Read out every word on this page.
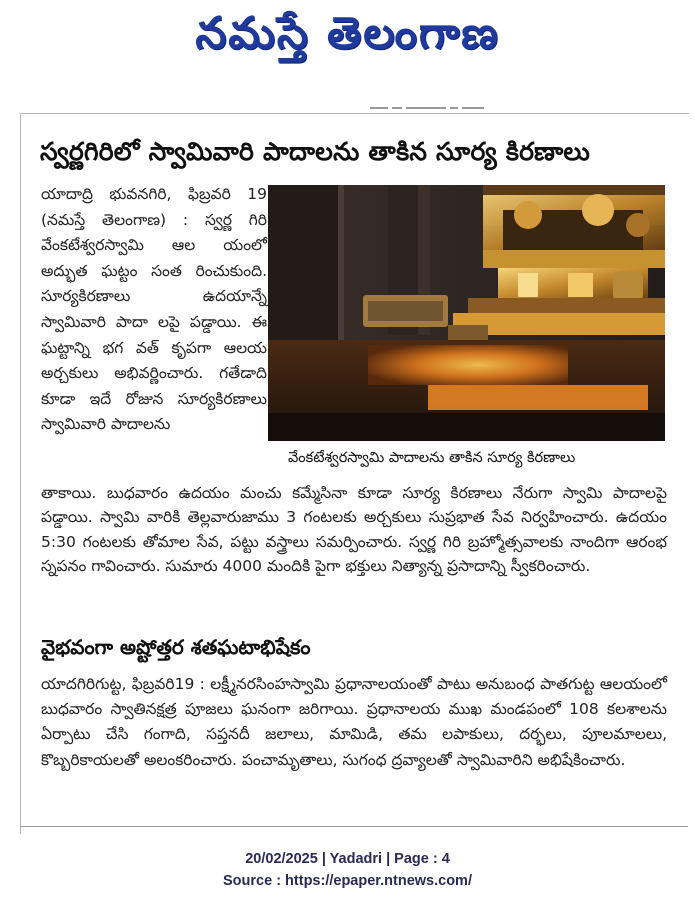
నమస్తే తెలంగాణ
స్వర్ణగిరిలో స్వామివారి పాదాలను తాకిన సూర్య కిరణాలు
యాదాద్రి భువనగిరి, ఫిబ్రవరి 19 (నమస్తే తెలంగాణ) : స్వర్ణ గిరి వేంకటేశ్వరస్వామి ఆల యంలో అద్భుత ఘట్టం సంత రించుకుంది. సూర్యకిరణాలు ఉదయాన్నే స్వామివారి పాదా లపై పడ్డాయి. ఈ ఘట్టాన్ని భగ వత్ కృపగా ఆలయ అర్చకులు అభివర్ణించారు. గతేడాది కూడా ఇదే రోజున సూర్యకిరణాలు స్వామివారి పాదాలను
వేంకటేశ్వరస్వామి పాదాలను తాకిన సూర్య కిరణాలు
తాకాయి. బుధవారం ఉదయం మంచు కమ్మేసినా కూడా సూర్య కిరణాలు నేరుగా స్వామి పాదాలపై పడ్డాయి. స్వామి వారికి తెల్లవారుజాము 3 గంటలకు అర్చకులు సుప్రభాత సేవ నిర్వహించారు. ఉదయం 5:30 గంటలకు తోమాల సేవ, పట్టు వస్త్రాలు సమర్పించారు. స్వర్ణ గిరి బ్రహ్మోత్సవాలకు నాందిగా ఆరంభ స్నపనం గావించారు. సుమారు 4000 మందికి పైగా భక్తులు నిత్యాన్న ప్రసాదాన్ని స్వీకరించారు.
వైభవంగా అష్టోత్తర శతఘటాభిషేకం
యాదగిరిగుట్ట, ఫిబ్రవరి19 : లక్ష్మీనరసింహస్వామి ప్రధానాలయంతో పాటు అనుబంధ పాతగుట్ట ఆలయంలో బుధవారం స్వాతినక్షత్ర పూజలు ఘనంగా జరిగాయి. ప్రధానాలయ ముఖ మండపంలో 108 కలశాలను ఏర్పాటు చేసి గంగాది, సప్తనదీ జలాలు, మామిడి, తమ లపాకులు, దర్భలు, పూలమాలలు, కొబ్బరికాయలతో అలంకరించారు. పంచామృతాలు, సుగంధ ద్రవ్యాలతో స్వామివారిని అభిషేకించారు.
20/02/2025 | Yadadri | Page : 4
Source : https://epaper.ntnews.com/
